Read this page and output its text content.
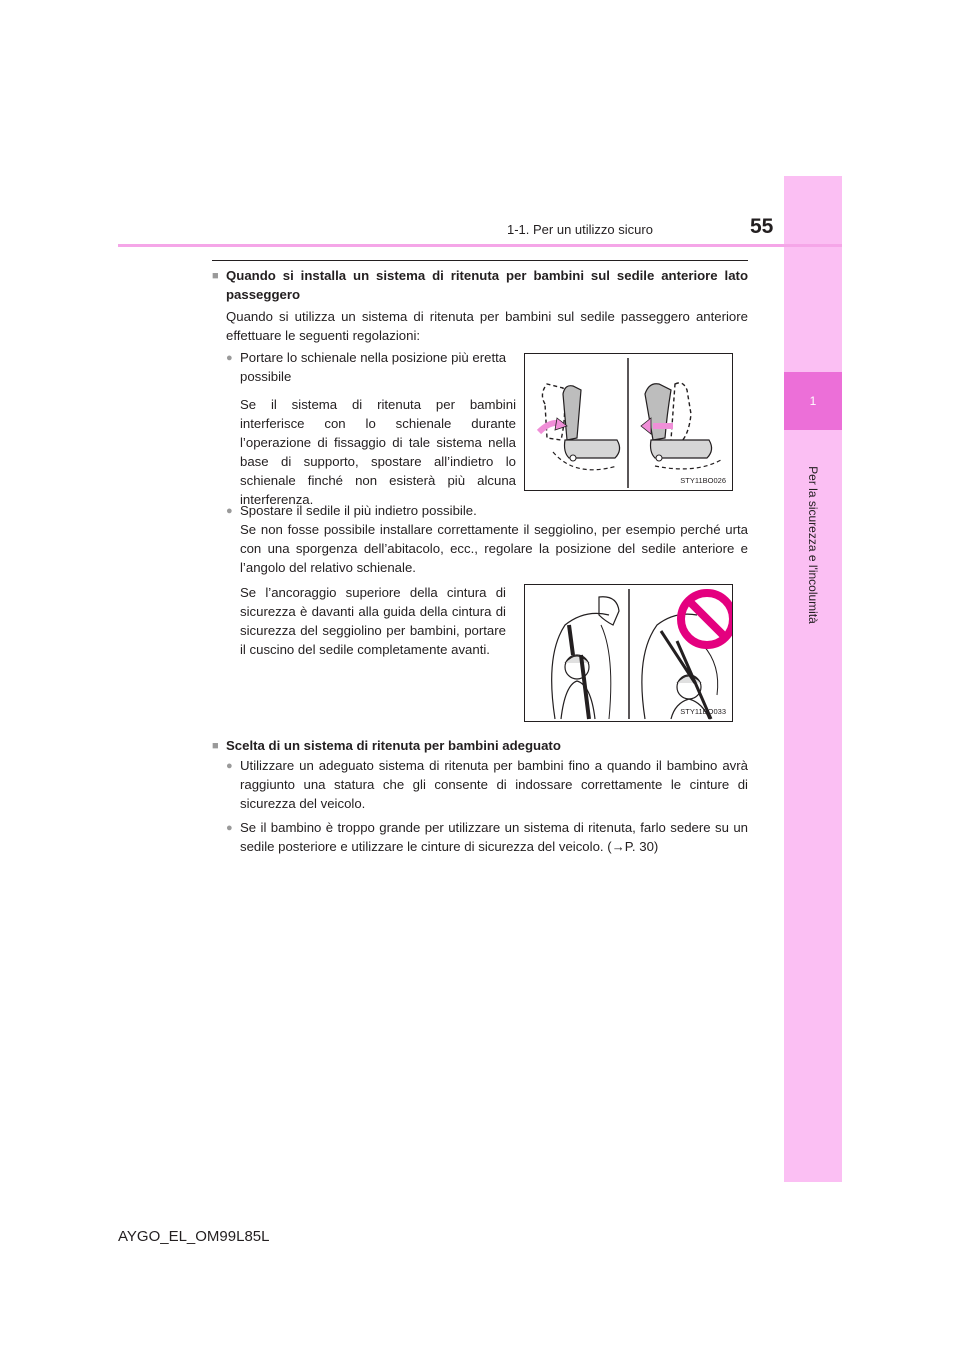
1
Per la sicurezza e l'incolumità
1-1. Per un utilizzo sicuro	55
■ Quando si installa un sistema di ritenuta per bambini sul sedile anteriore lato passeggero
Quando si utilizza un sistema di ritenuta per bambini sul sedile passeggero anteriore effettuare le seguenti regolazioni:
● Portare lo schienale nella posizione più eretta possibile
Se il sistema di ritenuta per bambini interferisce con lo schienale durante l’operazione di fissaggio di tale sistema nella base di supporto, spostare all’indietro lo schienale finché non esisterà più alcuna interferenza.
STY11BO026
● Spostare il sedile il più indietro possibile.
Se non fosse possibile installare correttamente il seggiolino, per esempio perché urta con una sporgenza dell’abitacolo, ecc., regolare la posizione del sedile anteriore e l’angolo del relativo schienale.
Se l’ancoraggio superiore della cintura di sicurezza è davanti alla guida della cintura di sicurezza del seggiolino per bambini, portare il cuscino del sedile completamente avanti.
STY11BO033
■ Scelta di un sistema di ritenuta per bambini adeguato
● Utilizzare un adeguato sistema di ritenuta per bambini fino a quando il bambino avrà raggiunto una statura che gli consente di indossare correttamente le cinture di sicurezza del veicolo.
● Se il bambino è troppo grande per utilizzare un sistema di ritenuta, farlo sedere su un sedile posteriore e utilizzare le cinture di sicurezza del veicolo. (→P. 30)
AYGO_EL_OM99L85L
